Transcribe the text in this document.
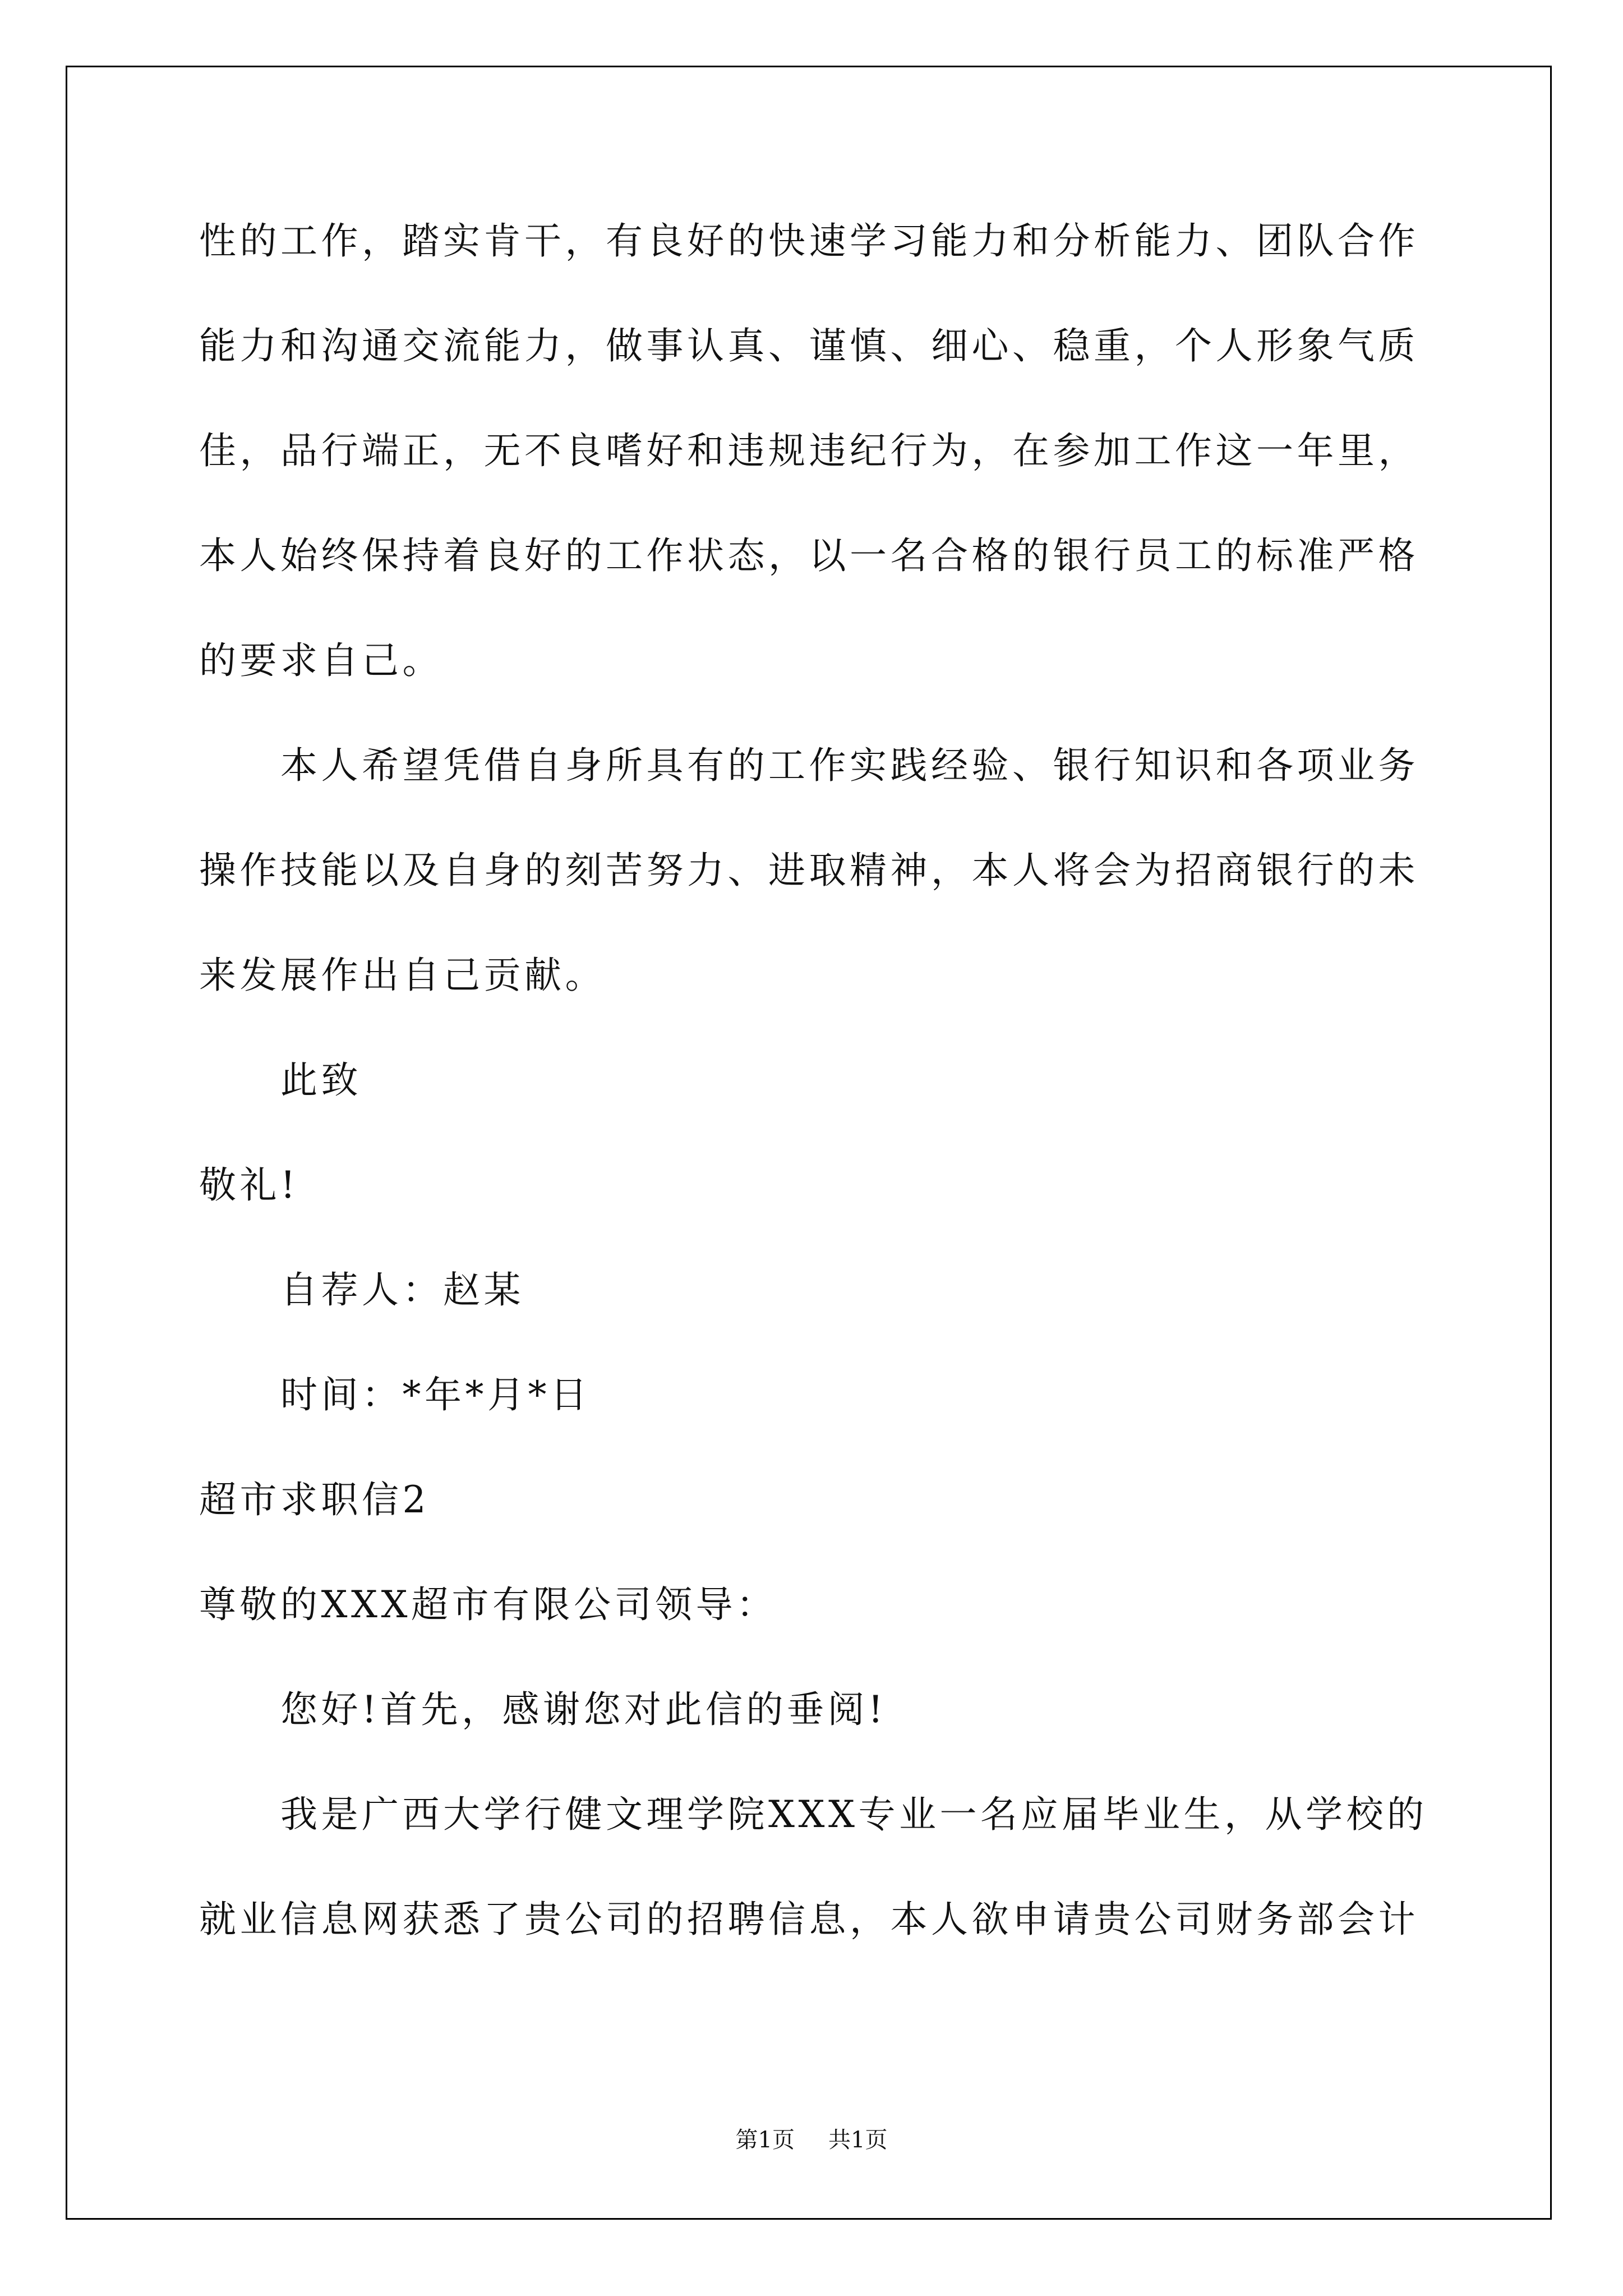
性的工作，踏实肯干，有良好的快速学习能力和分析能力、团队合作
能力和沟通交流能力，做事认真、谨慎、细心、稳重，个人形象气质
佳，品行端正，无不良嗜好和违规违纪行为，在参加工作这一年里，
本人始终保持着良好的工作状态，以一名合格的银行员工的标准严格
的要求自己。
本人希望凭借自身所具有的工作实践经验、银行知识和各项业务
操作技能以及自身的刻苦努力、进取精神，本人将会为招商银行的未
来发展作出自己贡献。
此致
敬礼!
自荐人：赵某
时间：*年*月*日
超市求职信2
尊敬的XXX超市有限公司领导：
您好!首先，感谢您对此信的垂阅!
我是广西大学行健文理学院XXX专业一名应届毕业生，从学校的
就业信息网获悉了贵公司的招聘信息，本人欲申请贵公司财务部会计
第1页 共1页
